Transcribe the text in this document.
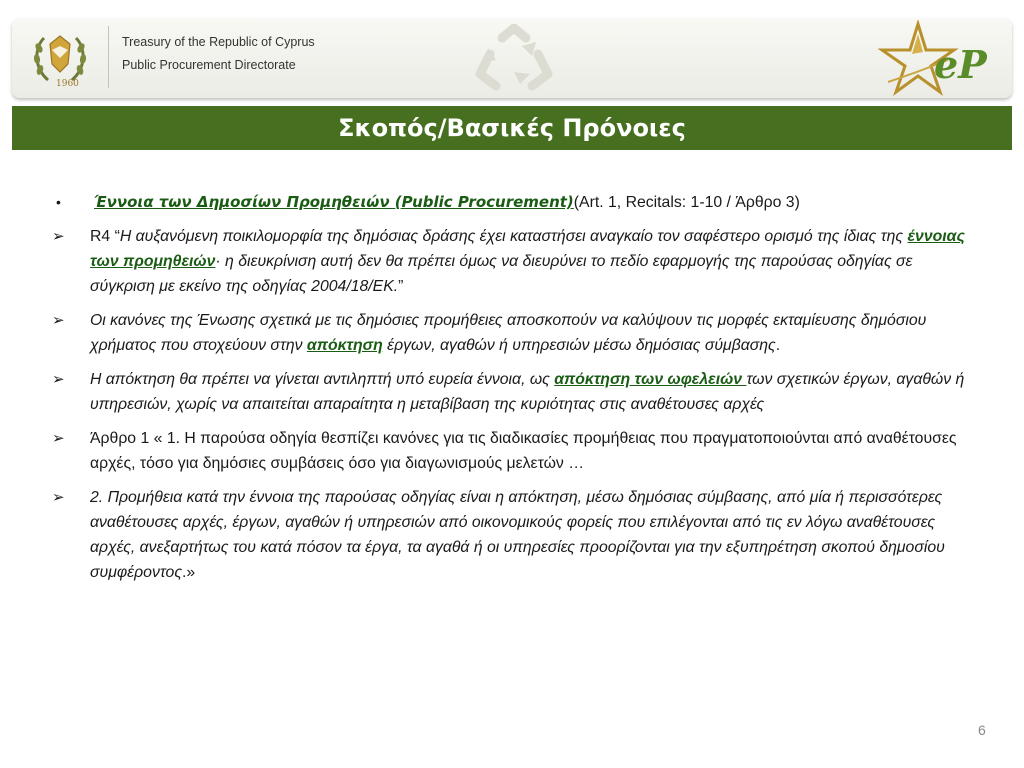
1960
Treasury of the Republic of Cyprus
Public Procurement Directorate	eP
Σκοπός/Βασικές Πρόνοιες
•	Έννοια των Δημοσίων Προμηθειών (Public Procurement)(Art. 1, Recitals: 1-10 / Άρθρο 3)
➢	R4 “Η αυξανόμενη ποικιλομορφία της δημόσιας δράσης έχει καταστήσει αναγκαίο τον σαφέστερο ορισμό της ίδιας της έννοιας των προμηθειών· η διευκρίνιση αυτή δεν θα πρέπει όμως να διευρύνει το πεδίο εφαρμογής της παρούσας οδηγίας σε σύγκριση με εκείνο της οδηγίας 2004/18/ΕΚ.”
➢	Οι κανόνες της Ένωσης σχετικά με τις δημόσιες προμήθειες αποσκοπούν να καλύψουν τις μορφές εκταμίευσης δημόσιου χρήματος που στοχεύουν στην απόκτηση έργων, αγαθών ή υπηρεσιών μέσω δημόσιας σύμβασης.
➢	Η απόκτηση θα πρέπει να γίνεται αντιληπτή υπό ευρεία έννοια, ως απόκτηση των ωφελειών των σχετικών έργων, αγαθών ή υπηρεσιών, χωρίς να απαιτείται απαραίτητα η μεταβίβαση της κυριότητας στις αναθέτουσες αρχές
➢	Άρθρο 1 « 1. Η παρούσα οδηγία θεσπίζει κανόνες για τις διαδικασίες προμήθειας που πραγματοποιούνται από αναθέτουσες αρχές, τόσο για δημόσιες συμβάσεις όσο για διαγωνισμούς μελετών …
➢	2. Προμήθεια κατά την έννοια της παρούσας οδηγίας είναι η απόκτηση, μέσω δημόσιας σύμβασης, από μία ή περισσότερες αναθέτουσες αρχές, έργων, αγαθών ή υπηρεσιών από οικονομικούς φορείς που επιλέγονται από τις εν λόγω αναθέτουσες αρχές, ανεξαρτήτως του κατά πόσον τα έργα, τα αγαθά ή οι υπηρεσίες προορίζονται για την εξυπηρέτηση σκοπού δημοσίου συμφέροντος.»
6
